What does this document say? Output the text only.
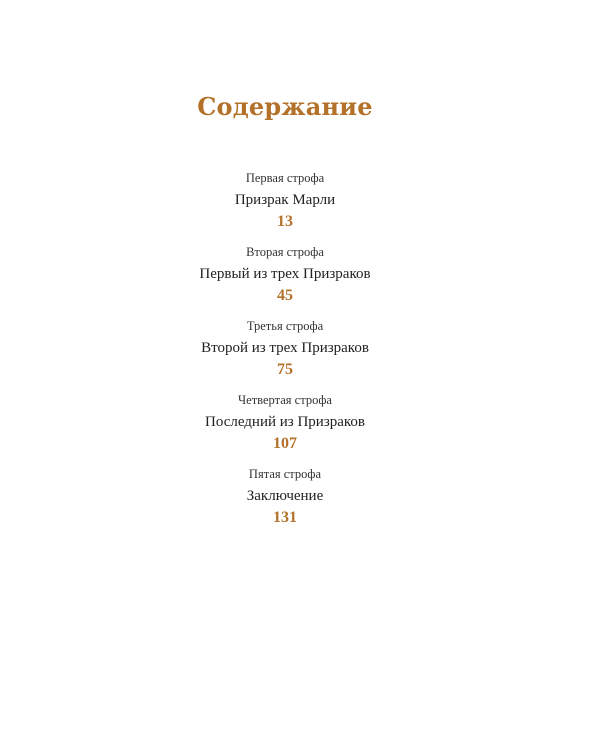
Содержание
Первая строфа
Призрак Марли
13
Вторая строфа
Первый из трех Призраков
45
Третья строфа
Второй из трех Призраков
75
Четвертая строфа
Последний из Призраков
107
Пятая строфа
Заключение
131
